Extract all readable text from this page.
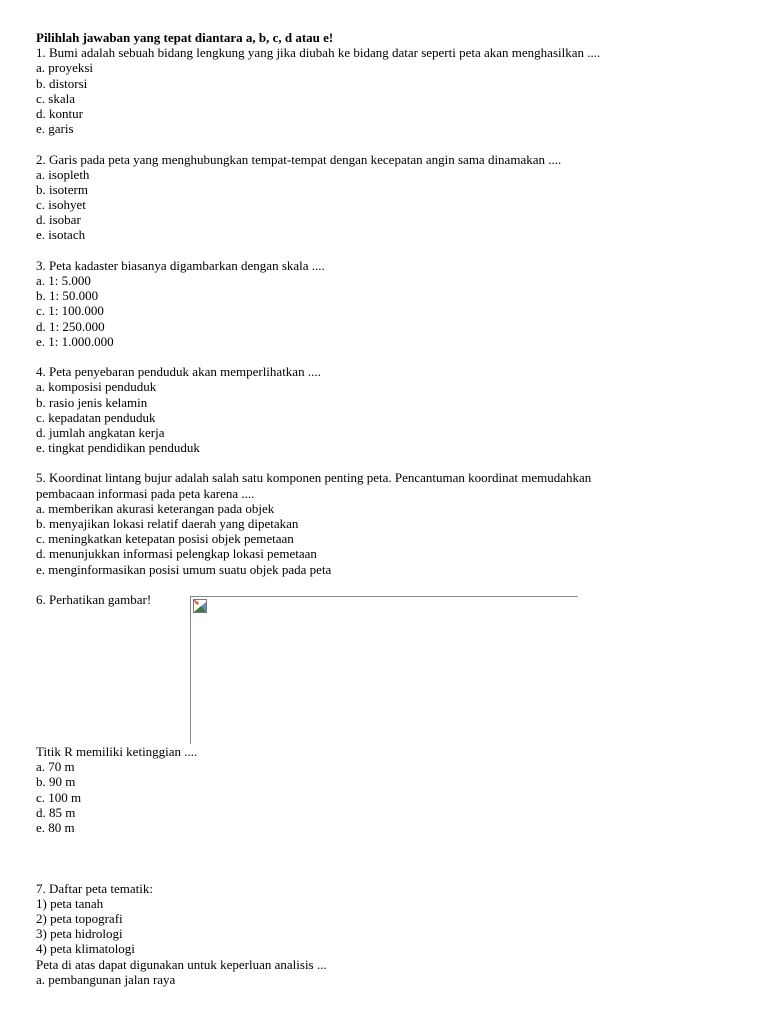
Pilihlah jawaban yang tepat diantara a, b, c, d atau e!
1. Bumi adalah sebuah bidang lengkung yang jika diubah ke bidang datar seperti peta akan menghasilkan ....
a. proyeksi
b. distorsi
c. skala
d. kontur
e. garis
2. Garis pada peta yang menghubungkan tempat-tempat dengan kecepatan angin sama dinamakan ....
a. isopleth
b. isoterm
c. isohyet
d. isobar
e. isotach
3. Peta kadaster biasanya digambarkan dengan skala ....
a. 1: 5.000
b. 1: 50.000
c. 1: 100.000
d. 1: 250.000
e. 1: 1.000.000
4. Peta penyebaran penduduk akan memperlihatkan ....
a. komposisi penduduk
b. rasio jenis kelamin
c. kepadatan penduduk
d. jumlah angkatan kerja
e. tingkat pendidikan penduduk
5. Koordinat lintang bujur adalah salah satu komponen penting peta. Pencantuman koordinat memudahkan
pembacaan informasi pada peta karena ....
a. memberikan akurasi keterangan pada objek
b. menyajikan lokasi relatif daerah yang dipetakan
c. meningkatkan ketepatan posisi objek pemetaan
d. menunjukkan informasi pelengkap lokasi pemetaan
e. menginformasikan posisi umum suatu objek pada peta
6. Perhatikan gambar!
Titik R memiliki ketinggian ....
a. 70 m
b. 90 m
c. 100 m
d. 85 m
e. 80 m
7. Daftar peta tematik:
1) peta tanah
2) peta topografi
3) peta hidrologi
4) peta klimatologi
Peta di atas dapat digunakan untuk keperluan analisis ...
a. pembangunan jalan raya
